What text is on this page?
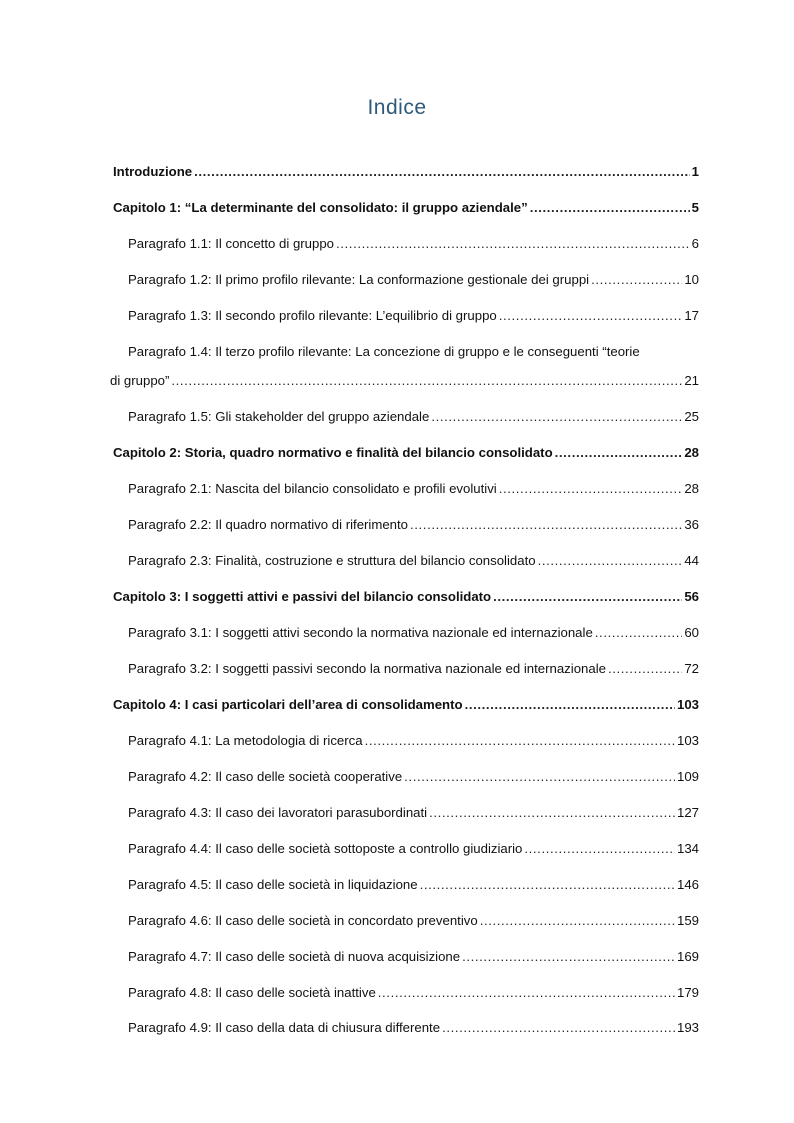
Indice
Introduzione .....	1
Capitolo 1: “La determinante del consolidato: il gruppo aziendale” .....	5
Paragrafo 1.1: Il concetto di gruppo .....	6
Paragrafo 1.2: Il primo profilo rilevante: La conformazione gestionale dei gruppi .....	10
Paragrafo 1.3: Il secondo profilo rilevante: L’equilibrio di gruppo .....	17
Paragrafo 1.4: Il terzo profilo rilevante: La concezione di gruppo e le conseguenti “teorie
di gruppo” .....	21
Paragrafo 1.5: Gli stakeholder del gruppo aziendale .....	25
Capitolo 2: Storia, quadro normativo e finalità del bilancio consolidato .....	28
Paragrafo 2.1: Nascita del bilancio consolidato e profili evolutivi .....	28
Paragrafo 2.2: Il quadro normativo di riferimento .....	36
Paragrafo 2.3: Finalità, costruzione e struttura del bilancio consolidato .....	44
Capitolo 3: I soggetti attivi e passivi del bilancio consolidato .....	56
Paragrafo 3.1: I soggetti attivi secondo la normativa nazionale ed internazionale .....	60
Paragrafo 3.2: I soggetti passivi secondo la normativa nazionale ed internazionale .....	72
Capitolo 4: I casi particolari dell’area di consolidamento .....	103
Paragrafo 4.1: La metodologia di ricerca .....	103
Paragrafo 4.2: Il caso delle società cooperative .....	109
Paragrafo 4.3: Il caso dei lavoratori parasubordinati .....	127
Paragrafo 4.4: Il caso delle società sottoposte a controllo giudiziario .....	134
Paragrafo 4.5: Il caso delle società in liquidazione .....	146
Paragrafo 4.6: Il caso delle società in concordato preventivo .....	159
Paragrafo 4.7: Il caso delle società di nuova acquisizione .....	169
Paragrafo 4.8: Il caso delle società inattive .....	179
Paragrafo 4.9: Il caso della data di chiusura differente .....	193
